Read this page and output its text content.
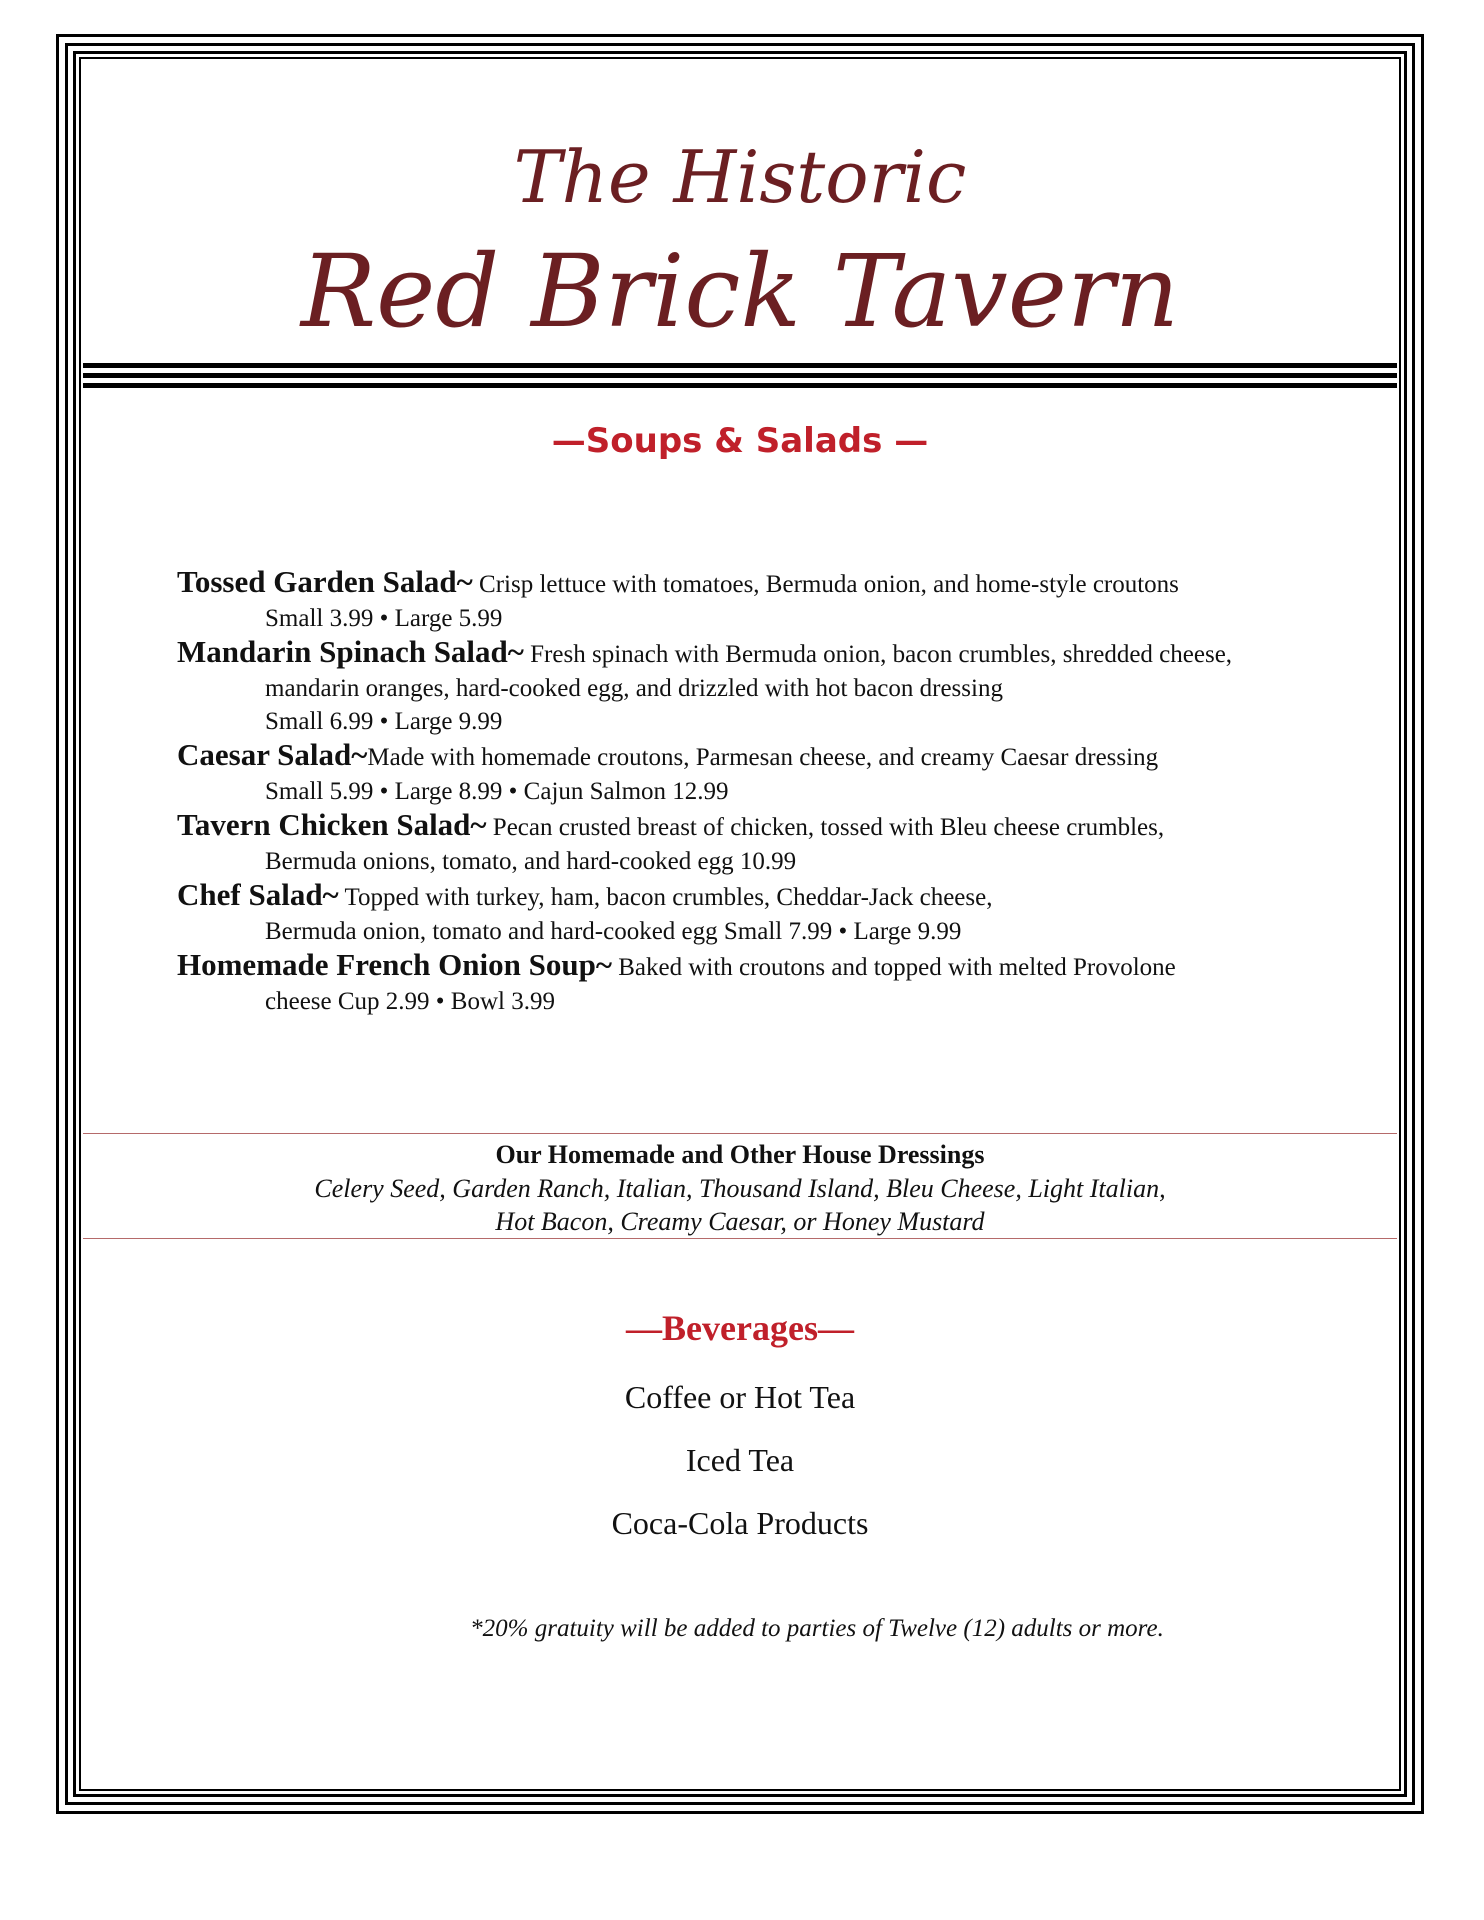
The Historic
Red Brick Tavern
—Soups & Salads —
Tossed Garden Salad~ Crisp lettuce with tomatoes, Bermuda onion, and home-style croutons
Small 3.99 • Large 5.99
Mandarin Spinach Salad~ Fresh spinach with Bermuda onion, bacon crumbles, shredded cheese,
mandarin oranges, hard-cooked egg, and drizzled with hot bacon dressing
Small 6.99 • Large 9.99
Caesar Salad~Made with homemade croutons, Parmesan cheese, and creamy Caesar dressing
Small 5.99 • Large 8.99 • Cajun Salmon 12.99
Tavern Chicken Salad~ Pecan crusted breast of chicken, tossed with Bleu cheese crumbles,
Bermuda onions, tomato, and hard-cooked egg 10.99
Chef Salad~ Topped with turkey, ham, bacon crumbles, Cheddar-Jack cheese,
Bermuda onion, tomato and hard-cooked egg Small 7.99 • Large 9.99
Homemade French Onion Soup~ Baked with croutons and topped with melted Provolone
cheese Cup 2.99 • Bowl 3.99
Our Homemade and Other House Dressings
Celery Seed, Garden Ranch, Italian, Thousand Island, Bleu Cheese, Light Italian,
Hot Bacon, Creamy Caesar, or Honey Mustard
—Beverages—
Coffee or Hot Tea
Iced Tea
Coca-Cola Products
*20% gratuity will be added to parties of Twelve (12) adults or more.
